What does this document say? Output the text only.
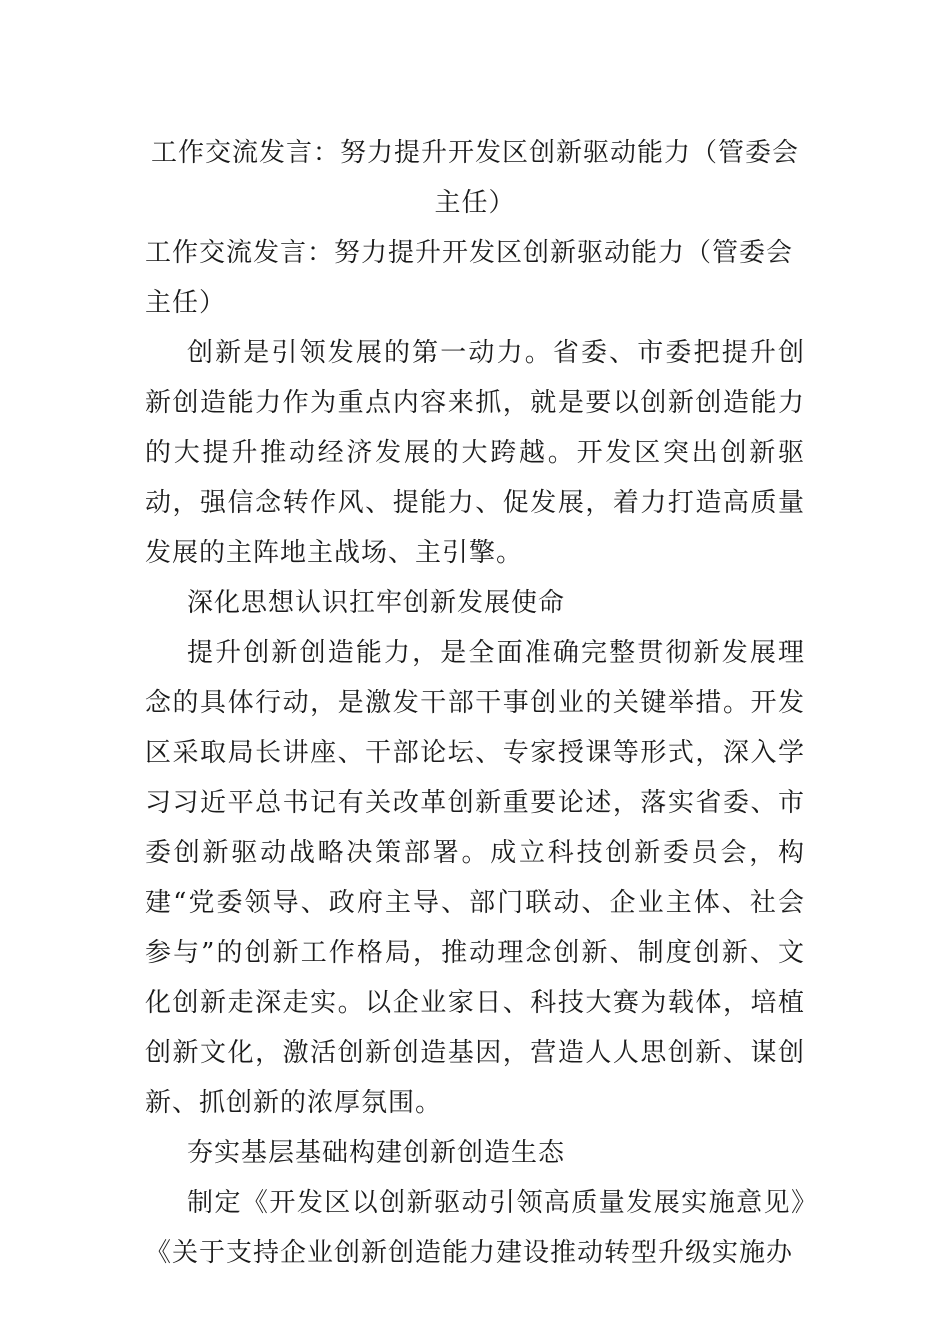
工作交流发言：努力提升开发区创新驱动能力（管委会主任）

工作交流发言：努力提升开发区创新驱动能力（管委会主任）

创新是引领发展的第一动力。省委、市委把提升创新创造能力作为重点内容来抓，就是要以创新创造能力的大提升推动经济发展的大跨越。开发区突出创新驱动，强信念转作风、提能力、促发展，着力打造高质量发展的主阵地主战场、主引擎。

深化思想认识扛牢创新发展使命

提升创新创造能力，是全面准确完整贯彻新发展理念的具体行动，是激发干部干事创业的关键举措。开发区采取局长讲座、干部论坛、专家授课等形式，深入学习习近平总书记有关改革创新重要论述，落实省委、市委创新驱动战略决策部署。成立科技创新委员会，构建“党委领导、政府主导、部门联动、企业主体、社会参与”的创新工作格局，推动理念创新、制度创新、文化创新走深走实。以企业家日、科技大赛为载体，培植创新文化，激活创新创造基因，营造人人思创新、谋创新、抓创新的浓厚氛围。

夯实基层基础构建创新创造生态

制定《开发区以创新驱动引领高质量发展实施意见》《关于支持企业创新创造能力建设推动转型升级实施办
